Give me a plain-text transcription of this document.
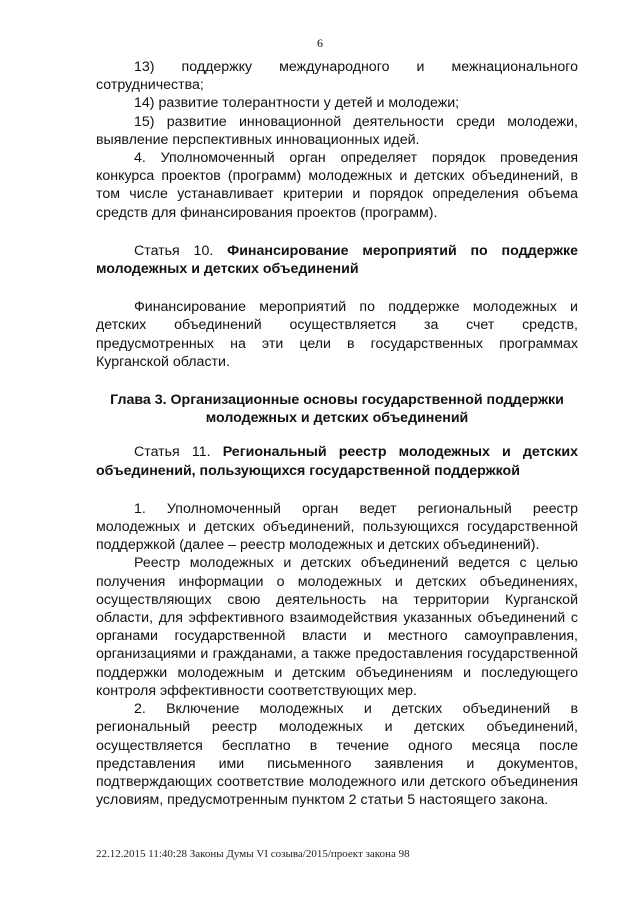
6

13) поддержку международного и межнационального сотрудничества;

14) развитие толерантности у детей и молодежи;

15) развитие инновационной деятельности среди молодежи, выявление перспективных инновационных идей.

4. Уполномоченный орган определяет порядок проведения конкурса проектов (программ) молодежных и детских объединений, в том числе устанавливает критерии и порядок определения объема средств для финансирования проектов (программ).

Статья 10. Финансирование мероприятий по поддержке молодежных и детских объединений

Финансирование мероприятий по поддержке молодежных и детских объединений осуществляется за счет средств, предусмотренных на эти цели в государственных программах Курганской области.

Глава 3. Организационные основы государственной поддержки

молодежных и детских объединений

Статья 11. Региональный реестр молодежных и детских объединений, пользующихся государственной поддержкой

1. Уполномоченный орган ведет региональный реестр молодежных и детских объединений, пользующихся государственной поддержкой (далее – реестр молодежных и детских объединений).

Реестр молодежных и детских объединений ведется с целью получения информации о молодежных и детских объединениях, осуществляющих свою деятельность на территории Курганской области, для эффективного взаимодействия указанных объединений с органами государственной власти и местного самоуправления, организациями и гражданами, а также предоставления государственной поддержки молодежным и детским объединениям и последующего контроля эффективности соответствующих мер.

2. Включение молодежных и детских объединений в региональный реестр молодежных и детских объединений, осуществляется бесплатно в течение одного месяца после представления ими письменного заявления и документов, подтверждающих соответствие молодежного или детского объединения условиям, предусмотренным пунктом 2 статьи 5 настоящего закона.

22.12.2015 11:40:28 Законы Думы VI созыва/2015/проект закона 98
